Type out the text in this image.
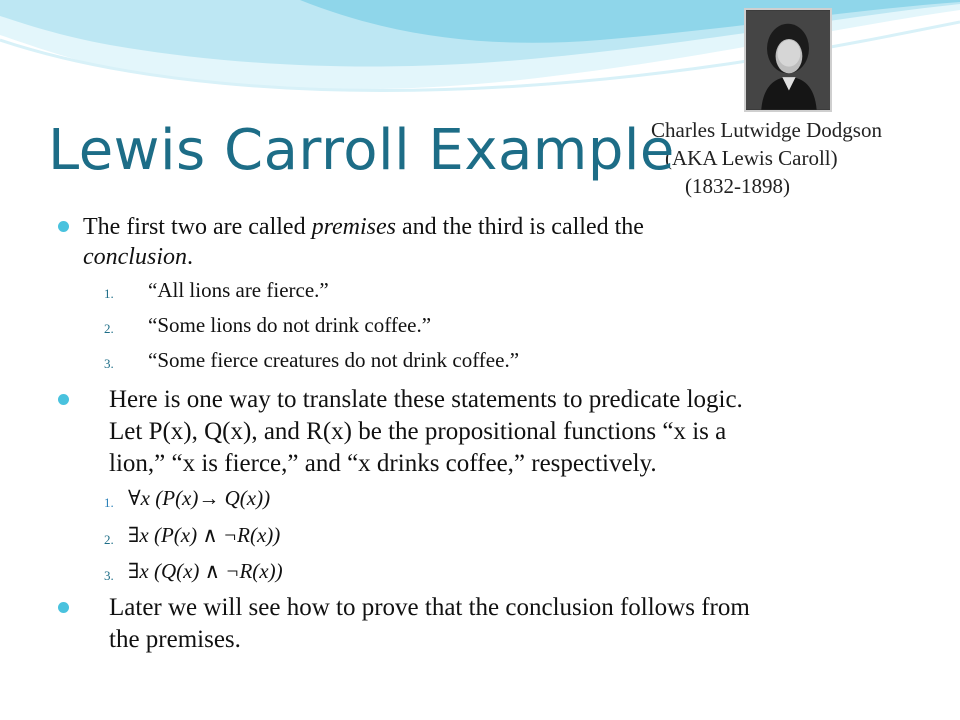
Charles Lutwidge Dodgson
(AKA Lewis Caroll)
(1832-1898)
Lewis Carroll Example
The first two are called premises and the third is called the
conclusion.
1. “All lions are fierce.”
2. “Some lions do not drink coffee.”
3. “Some fierce creatures do not drink coffee.”
Here is one way to translate these statements to predicate logic.
Let P(x), Q(x), and R(x) be the propositional functions “x is a
lion,” “x is fierce,” and “x drinks coffee,” respectively.
1. ∀x (P(x)→ Q(x))
2. ∃x (P(x) ∧ ¬R(x))
3. ∃x (Q(x) ∧ ¬R(x))
Later we will see how to prove that the conclusion follows from
the premises.
